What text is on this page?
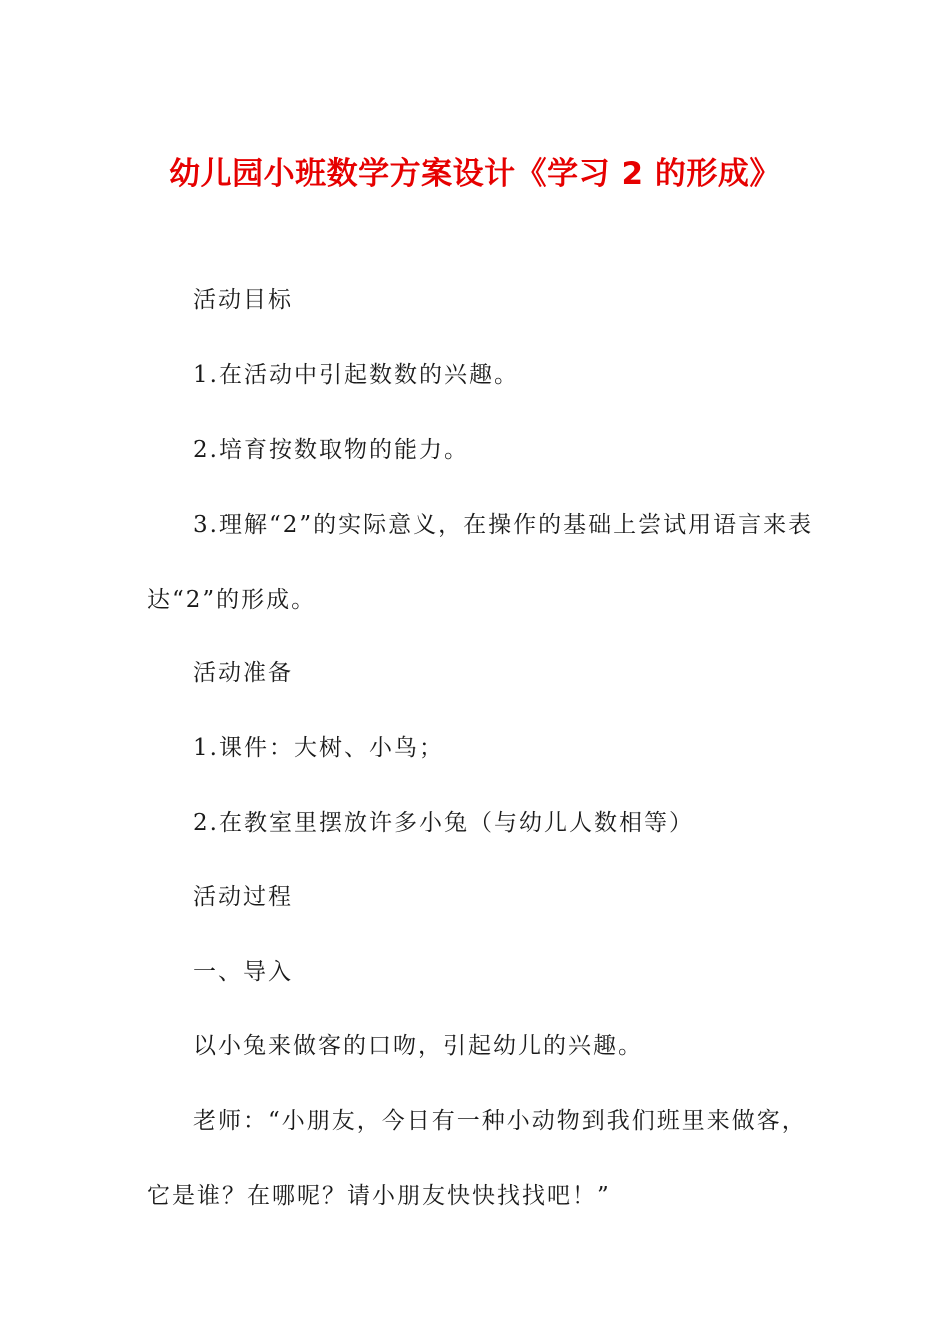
幼儿园小班数学方案设计《学习 2 的形成》
活动目标
1.在活动中引起数数的兴趣。
2.培育按数取物的能力。
3.理解“2”的实际意义，在操作的基础上尝试用语言来表
达“2”的形成。
活动准备
1.课件：大树、小鸟；
2.在教室里摆放许多小兔（与幼儿人数相等）
活动过程
一、导入
以小兔来做客的口吻，引起幼儿的兴趣。
老师：“小朋友，今日有一种小动物到我们班里来做客，
它是谁？在哪呢？请小朋友快快找找吧！”
